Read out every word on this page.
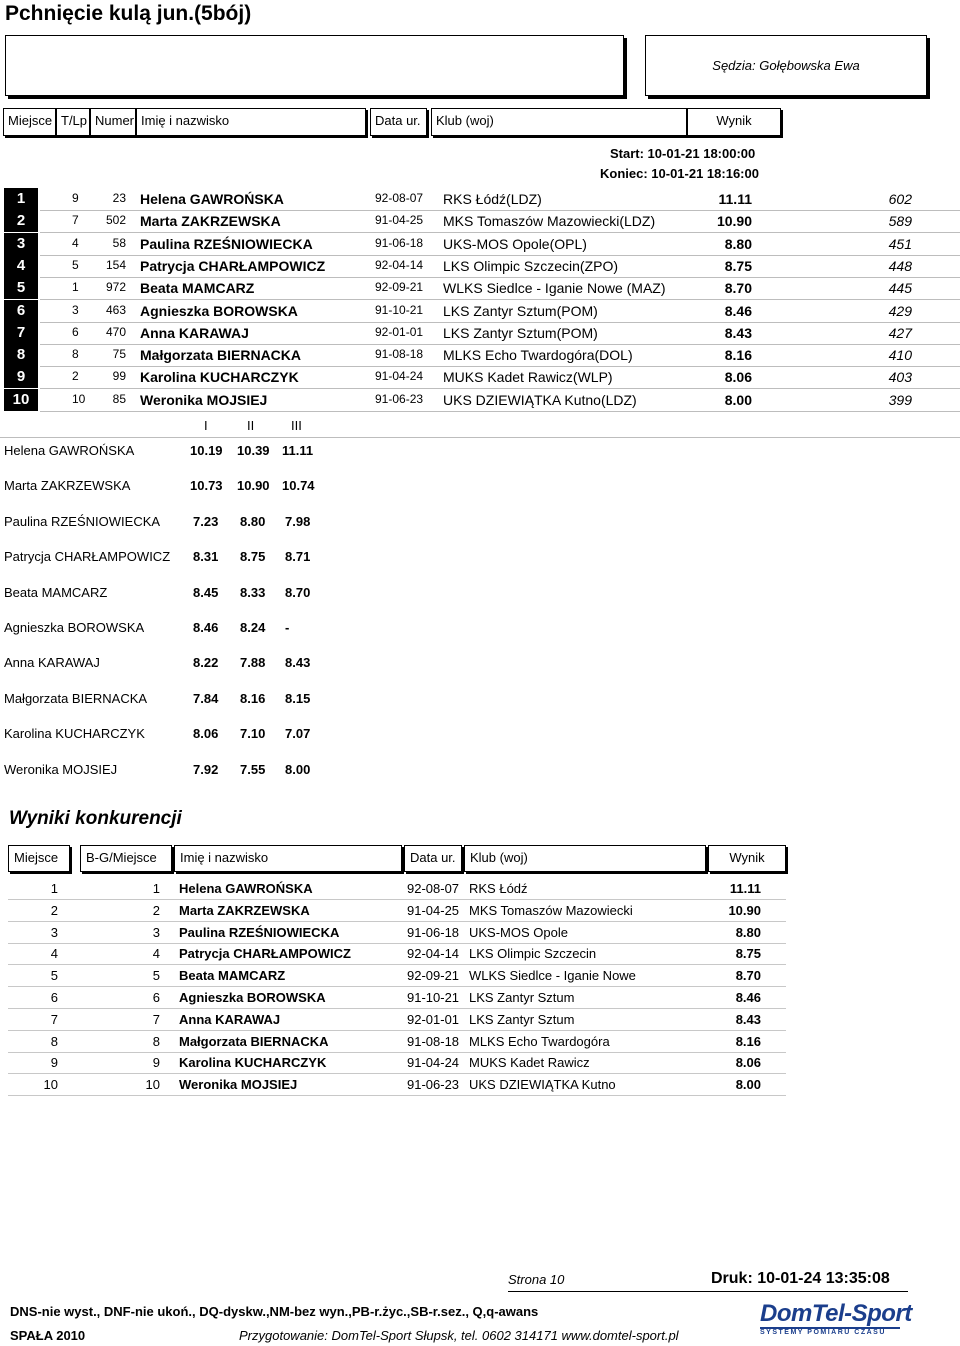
Pchnięcie kulą jun.(5bój)
Sędzia: Gołębowska Ewa
Miejsce T/Lp Numer Imię i nazwisko	Data ur.	Klub (woj)	Wynik
Start: 10-01-21 18:00:00
Koniec: 10-01-21 18:16:00
1	9	23 Helena GAWROŃSKA	92-08-07 RKS Łódź(LDZ)	11.11	602
2	7 502 Marta ZAKRZEWSKA	91-04-25 MKS Tomaszów Mazowiecki(LDZ)	10.90	589
3	4	58 Paulina RZEŚNIOWIECKA	91-06-18 UKS-MOS Opole(OPL)	8.80	451
4	5 154 Patrycja CHARŁAMPOWICZ	92-04-14 LKS Olimpic Szczecin(ZPO)	8.75	448
5	1 972 Beata MAMCARZ	92-09-21 WLKS Siedlce - Iganie Nowe (MAZ)	8.70	445
6	3 463 Agnieszka BOROWSKA	91-10-21 LKS Zantyr Sztum(POM)	8.46	429
7	6 470 Anna KARAWAJ	92-01-01 LKS Zantyr Sztum(POM)	8.43	427
8	8	75 Małgorzata BIERNACKA	91-08-18 MLKS Echo Twardogóra(DOL)	8.16	410
9	2	99 Karolina KUCHARCZYK	91-04-24 MUKS Kadet Rawicz(WLP)	8.06	403
10	10 85 Weronika MOJSIEJ	91-06-23 UKS DZIEWIĄTKA Kutno(LDZ)	8.00	399
I	II	III
Helena GAWROŃSKA	10.19 10.39 11.11
Marta ZAKRZEWSKA	10.73 10.90 10.74
Paulina RZEŚNIOWIECKA	7.23 8.80 7.98
Patrycja CHARŁAMPOWICZ 8.31 8.75 8.71
Beata MAMCARZ	8.45 8.33 8.70
Agnieszka BOROWSKA	8.46 8.24 -
Anna KARAWAJ	8.22 7.88 8.43
Małgorzata BIERNACKA	7.84 8.16 8.15
Karolina KUCHARCZYK	8.06 7.10 7.07
Weronika MOJSIEJ	7.92 7.55 8.00
Wyniki konkurencji
Miejsce	B-G/Miejsce	Imię i nazwisko	Data ur.	Klub (woj)	Wynik
1	1 Helena GAWROŃSKA	92-08-07 RKS Łódź	11.11
2	2 Marta ZAKRZEWSKA	91-04-25 MKS Tomaszów Mazowiecki	10.90
3	3 Paulina RZEŚNIOWIECKA	91-06-18 UKS-MOS Opole	8.80
4	4 Patrycja CHARŁAMPOWICZ	92-04-14 LKS Olimpic Szczecin	8.75
5	5 Beata MAMCARZ	92-09-21 WLKS Siedlce - Iganie Nowe	8.70
6	6 Agnieszka BOROWSKA	91-10-21 LKS Zantyr Sztum	8.46
7	7 Anna KARAWAJ	92-01-01 LKS Zantyr Sztum	8.43
8	8 Małgorzata BIERNACKA	91-08-18 MLKS Echo Twardogóra	8.16
9	9 Karolina KUCHARCZYK	91-04-24 MUKS Kadet Rawicz	8.06
10	10 Weronika MOJSIEJ	91-06-23 UKS DZIEWIĄTKA Kutno	8.00
Strona 10	Druk: 10-01-24 13:35:08
DNS-nie wyst., DNF-nie ukoń., DQ-dyskw.,NM-bez wyn.,PB-r.życ.,SB-r.sez., Q,q-awans
SPAŁA 2010	Przygotowanie: DomTel-Sport Słupsk, tel. 0602 314171 www.domtel-sport.pl
DomTel-Sport
SYSTEMY POMIARU CZASU
